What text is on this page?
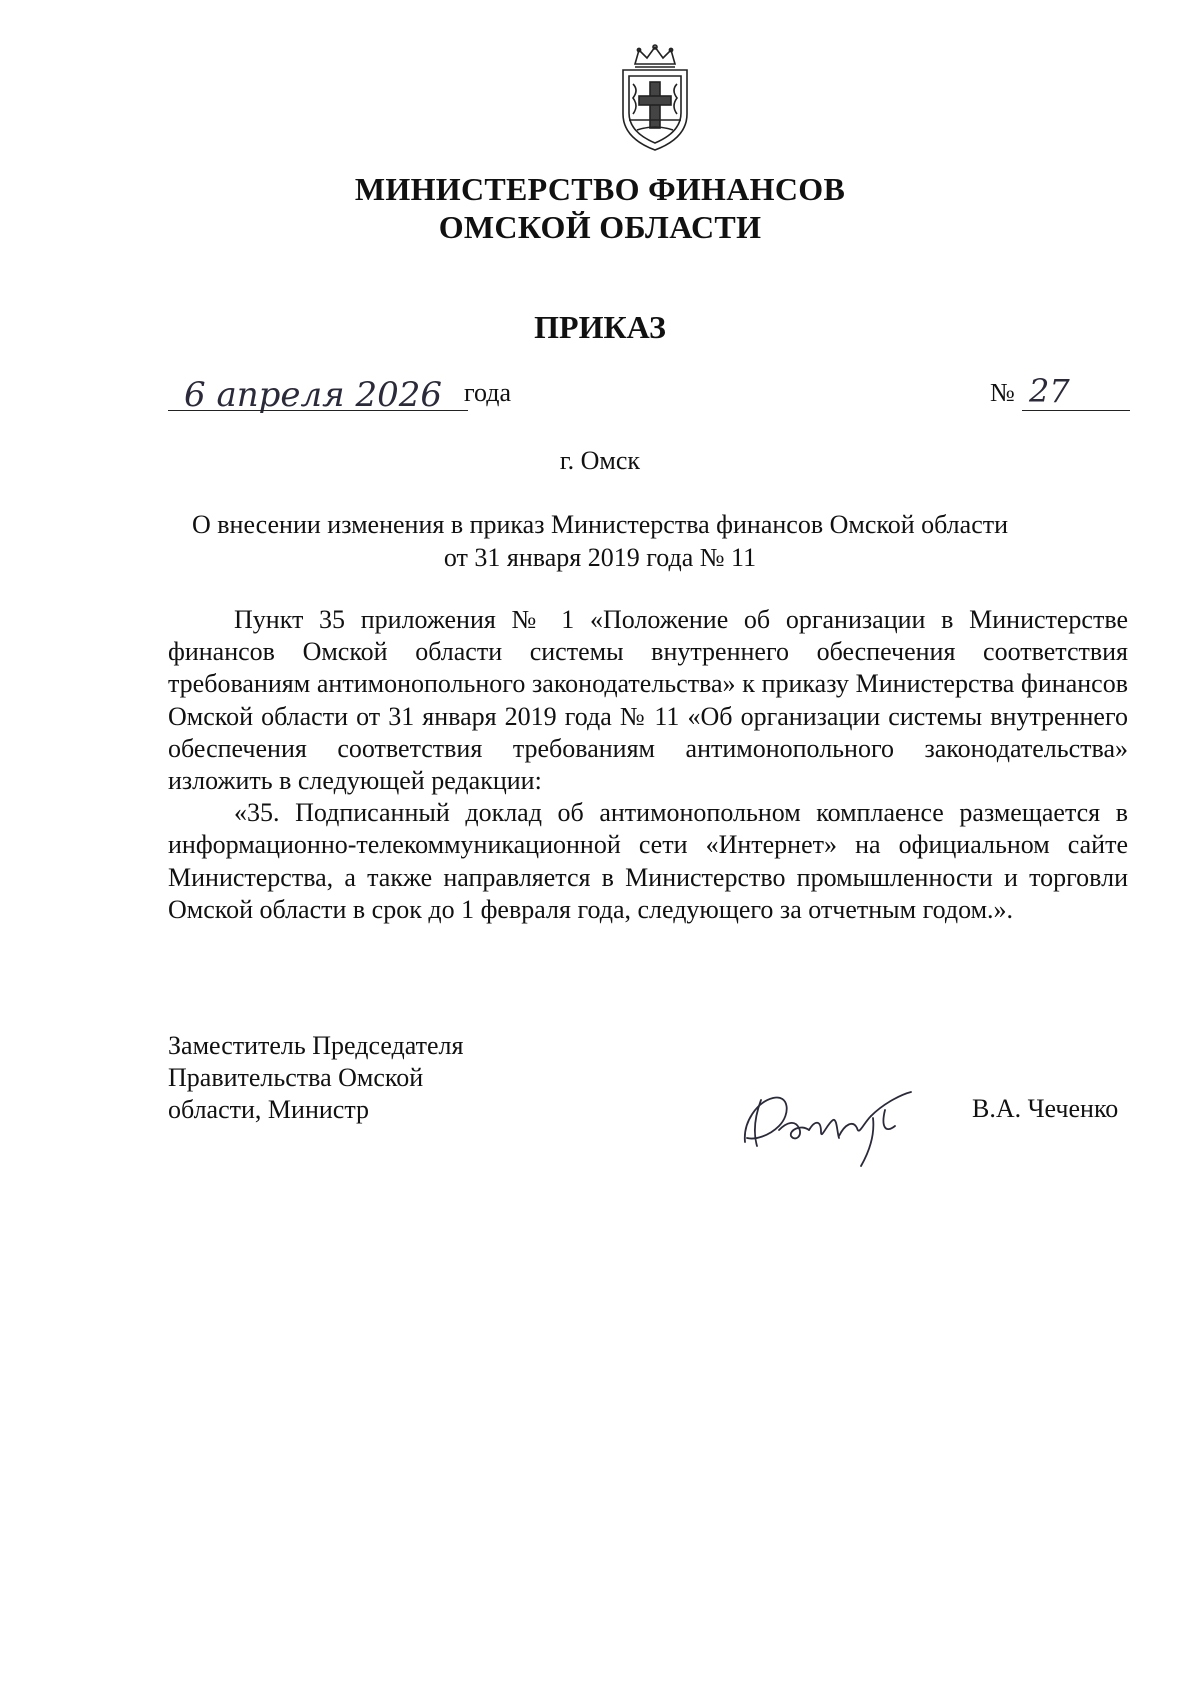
МИНИСТЕРСТВО ФИНАНСОВ
ОМСКОЙ ОБЛАСТИ
ПРИКАЗ
6 апреля 2026 года	№ 27
г. Омск
О внесении изменения в приказ Министерства финансов Омской области
от 31 января 2019 года № 11

Пункт 35 приложения № 1 «Положение об организации в Министерстве финансов Омской области системы внутреннего обеспечения соответствия требованиям антимонопольного законодательства» к приказу Министерства финансов Омской области от 31 января 2019 года № 11 «Об организации системы внутреннего обеспечения соответствия требованиям антимонопольного законодательства» изложить в следующей редакции:

«35. Подписанный доклад об антимонопольном комплаенсе размещается в информационно-телекоммуникационной сети «Интернет» на официальном сайте Министерства, а также направляется в Министерство промышленности и торговли Омской области в срок до 1 февраля года, следующего за отчетным годом.».

Заместитель Председателя
Правительства Омской
области, Министр	В.А. Чеченко
